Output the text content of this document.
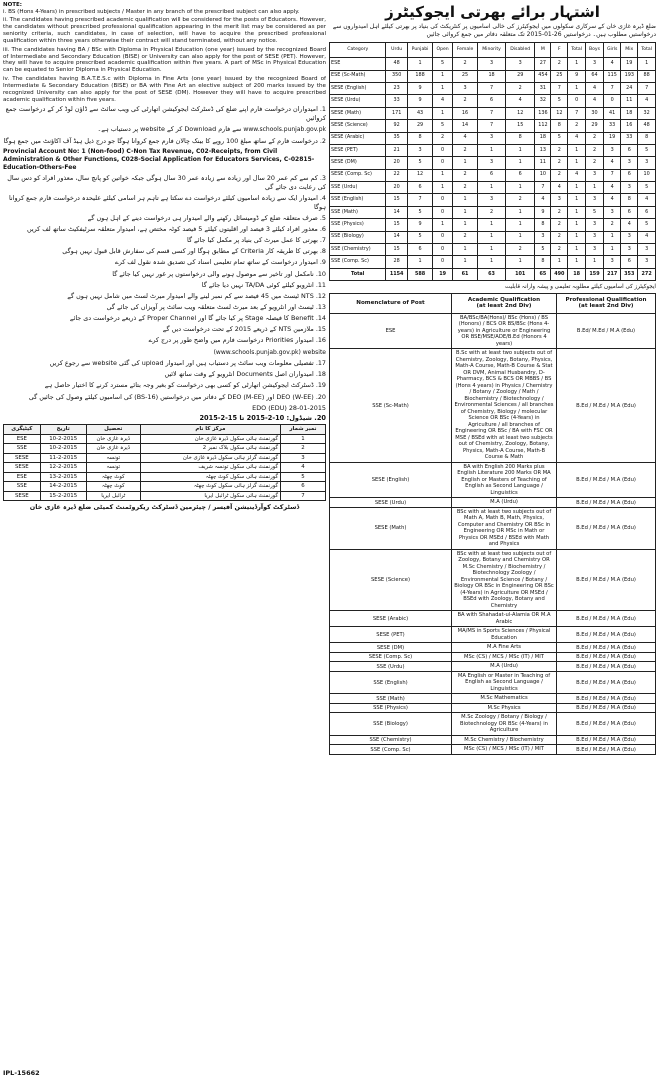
NOTE:

i. BS (Hons 4-Years) in prescribed subjects / Master in any branch of the prescribed subject can also apply.

ii. The candidates having prescribed academic qualification will be considered for the posts of Educators. However, the candidates without prescribed professional qualification appearing in the merit list may be considered as per seniority criteria, such candidates, in case of selection, will have to acquire the prescribed professional qualification within three years otherwise their contract will stand terminated, without any notice.

iii. The candidates having BA / BSc with Diploma in Physical Education (one year) issued by the recognized Board of Intermediate and Secondary Education (BISE) or University can also apply for the post of SESE (PET). However, they will have to acquire prescribed academic qualification within five years. A part of MSc in Physical Education can be equated to Senior Diploma in Physical Education.

iv. The candidates having B.A.T.E.S.c with Diploma in Fine Arts (one year) issued by the recognized Board of Intermediate & Secondary Education (BISE) or BA with Fine Art an elective subject of 200 marks issued by the recognized University can also apply for the post of SESE (DM). However they will have to acquire prescribed academic qualification within five years.

1. امیدواران درخواست فارم اپنے ضلع کی ڈسٹرکٹ ایجوکیشن اتھارٹی کی ویب سائٹ سے ڈاؤن لوڈ کر کے درخواست جمع کروائیں

www.schools.punjab.gov.pk سے فارم Download کر کے website پر دستیاب ہے۔

2. درخواست فارم کے ساتھ مبلغ 100 روپے کا بینک چالان فارم جمع کروانا ہوگا جو درج ذیل ہیڈ آف اکاؤنٹ میں جمع ہوگا

Provincial Account No: 1 (Non-food) C-Non Tax Revenue, C02-Receipts, from Civil Administration & Other Functions, C028-Social Application for Educators Services, C-02815-Education-Others-Fee

3. کم سے کم عمر 20 سال اور زیادہ سے زیادہ عمر 30 سال ہوگی جبکہ خواتین کو پانچ سال، معذور افراد کو دس سال کی رعایت دی جائے گی

4. امیدوار ایک سے زیادہ اسامیوں کیلئے درخواست دے سکتا ہے تاہم ہر اسامی کیلئے علیحدہ درخواست فارم جمع کروانا ہوگا

5. صرف متعلقہ ضلع کے ڈومیسائل رکھنے والے امیدوار ہی درخواست دینے کے اہل ہوں گے

6. معذور افراد کیلئے 3 فیصد اور اقلیتوں کیلئے 5 فیصد کوٹہ مختص ہے، امیدوار متعلقہ سرٹیفکیٹ ساتھ لف کریں

7. بھرتی کا عمل میرٹ کی بنیاد پر مکمل کیا جائے گا

8. بھرتی کا طریقہ کار Criteria کے مطابق ہوگا اور کسی قسم کی سفارش قابل قبول نہیں ہوگی

9. امیدوار درخواست کے ساتھ تمام تعلیمی اسناد کی تصدیق شدہ نقول لف کرے

10. نامکمل اور تاخیر سے موصول ہونے والی درخواستوں پر غور نہیں کیا جائے گا

11. انٹرویو کیلئے کوئی TA/DA نہیں دیا جائے گا

12. NTS ٹیسٹ میں 45 فیصد سے کم نمبر لینے والے امیدوار میرٹ لسٹ میں شامل نہیں ہوں گے

13. ٹیسٹ اور انٹرویو کے بعد میرٹ لسٹ متعلقہ ویب سائٹ پر آویزاں کی جائے گی

14. Benefit کا فیصلہ Stage پر کیا جائے گا اور Proper Channel کے ذریعے درخواست دی جائے

15. ملازمین NTS کے ذریعے 2015 کے تحت درخواست دیں گے

16. امیدوار Priorities درخواست فارم میں واضح طور پر درج کرے

(www.schools.punjab.gov.pk) website

17. تفصیلی معلومات ویب سائٹ پر دستیاب ہیں اور امیدوار upload کی گئی website سے رجوع کریں

18. امیدواران اصل Documents انٹرویو کے وقت ساتھ لائیں

19. ڈسٹرکٹ ایجوکیشن اتھارٹی کو کسی بھی درخواست کو بغیر وجہ بتائے مسترد کرنے کا اختیار حاصل ہے

20. DEO (W-EE) اور DEO (M-EE) کے دفاتر میں درخواستیں (BS-16) کی اسامیوں کیلئے وصول کی جائیں گی

EDO (EDU) 28-01-2015

20. شیڈول: 10-2-2015 تا 15-2-2015
نمبر شمار	مرکز کا نام	تحصیل	تاریخ	کیٹیگری
1	گورنمنٹ ہائی سکول ڈیرہ غازی خان	ڈیرہ غازی خان	10-2-2015	ESE
2	گورنمنٹ ہائی سکول بلاک نمبر 2	ڈیرہ غازی خان	10-2-2015	SSE
3	گورنمنٹ گرلز ہائی سکول ڈیرہ غازی خان	تونسہ	11-2-2015	SESE
4	گورنمنٹ ہائی سکول تونسہ شریف	تونسہ	12-2-2015	SESE
5	گورنمنٹ ہائی سکول کوٹ چھٹہ	کوٹ چھٹہ	13-2-2015	ESE
6	گورنمنٹ گرلز ہائی سکول کوٹ چھٹہ	کوٹ چھٹہ	14-2-2015	SSE
7	گورنمنٹ ہائی سکول ٹرائبل ایریا	ٹرائبل ایریا	15-2-2015	SESE
ڈسٹرکٹ کوآرڈینیشن آفیسر / چیئرمین ڈسٹرکٹ ریکروٹمنٹ کمیٹی ضلع ڈیرہ غازی خان
IPL-15662
اشتہار برائے بھرتی ایجوکیٹرز
ضلع ڈیرہ غازی خان کے سرکاری سکولوں میں ایجوکیٹرز کی خالی اسامیوں پر کنٹریکٹ کی بنیاد پر بھرتی کیلئے اہل امیدواروں سے درخواستیں مطلوب ہیں۔ درخواستیں 26-01-2015 تک متعلقہ دفاتر میں جمع کروائی جائیں
Category	Urdu	Punjabi	Open	Female	Minority	Disabled	M	F	Total	Boys	Girls	Mix	Total
ESE	48	1	5	2	3	3	27	2	1	3	4	19	1
ESE (Sc-Math)	350	188	1	25	18	29	454	25	9	64	115	193	88
SESE (English)	23	9	1	3	7	2	31	7	1	4	7	24	7
SESE (Urdu)	33	9	4	2	6	4	32	5	0	4	0	11	4
SESE (Math)	171	43	1	16	7	12	136	12	7	30	41	18	32
SESE (Science)	92	29	5	14	7	15	112	8	2	29	33	16	48
SESE (Arabic)	35	8	2	4	3	8	18	5	4	2	19	33	8
SESE (PET)	21	3	0	2	1	1	13	2	1	2	3	6	5
SESE (DM)	20	5	0	1	3	1	11	2	1	2	4	3	3
SESE (Comp. Sc)	22	12	1	2	6	6	10	2	4	3	7	6	10
SSE (Urdu)	20	6	1	2	1	1	7	4	1	1	4	3	5
SSE (English)	15	7	0	1	3	2	4	3	1	3	4	8	4
SSE (Math)	14	5	0	1	2	1	9	2	1	5	3	6	6
SSE (Physics)	15	9	1	1	1	1	8	2	1	3	2	4	5
SSE (Biology)	14	5	0	2	1	1	3	2	1	3	1	3	4
SSE (Chemistry)	15	6	0	1	1	2	5	2	1	3	1	3	3
SSE (Comp. Sc)	28	1	0	1	1	1	8	1	1	1	3	6	3
Total	1154	588	19	61	63	101	65	490	18	159	217	353	272
ایجوکیٹرز کی اسامیوں کیلئے مطلوبہ تعلیمی و پیشہ وارانہ قابلیت
Nomenclature of Post	Academic Qualification
(at least 2nd Div)	Professional Qualification
(at least 2nd Div)
ESE	BA/BSc/BA(Hons)/ BSc (Hons) / BS (Honors) / BCS OR BS/BSc (Hons 4-years) in Agriculture or Engineering OR BSE/MSE/ADE/B.Ed (Honors 4 years)	B.Ed/ M.Ed / M.A (Edu)
SSE (Sc-Math)	B.Sc with at least two subjects out of Chemistry, Zoology, Botany, Physics, Math-A Course, Math-B Course & Stat OR DVM, Animal Husbandry, D-Pharmacy, BCS & BCS OR MBBS / BS (Hons 4 years) in Physics / Chemistry / Botany / Zoology / Math / Biochemistry / Biotechnology / Environmental Sciences / all branches of Chemistry, Biology / molecular Science OR BSc (4-Years) in Agriculture / all branches of Engineering OR BSc / BA with FSC OR MSE / BSEd with at least two subjects out of Chemistry, Zoology, Botany, Physics, Math-A Course, Math-B Course & Math	B.Ed / M.Ed / M.A (Edu)
SESE (English)	BA with English 200 Marks plus English Literature 200 Marks OR MA English or Masters of Teaching of English as Second Language / Linguistics	B.Ed / M.Ed / M.A (Edu)
SESE (Urdu)	M.A (Urdu)	B.Ed / M.Ed / M.A (Edu)
SESE (Math)	BSc with at least two subjects out of Math A, Math B, Math, Physics, Computer and Chemistry OR BSc in Engineering OR MSc in Math or Physics OR MSEd / BSEd with Math and Physics	B.Ed / M.Ed / M.A (Edu)
SESE (Science)	BSc with at least two subjects out of Zoology, Botany and Chemistry OR M.Sc Chemistry / Biochemistry / Biotechnology Zoology / Environmental Science / Botany / Biology OR BSc in Engineering OR BSc (4-Years) in Agriculture OR MSEd / BSEd with Zoology, Botany and Chemistry	B.Ed / M.Ed / M.A (Edu)
SESE (Arabic)	BA with Shahadat-ul-Alamia OR M.A Arabic	B.Ed / M.Ed / M.A (Edu)
SESE (PET)	MA/MS in Sports Sciences / Physical Education	B.Ed / M.Ed / M.A (Edu)
SESE (DM)	M.A Fine Arts	B.Ed / M.Ed / M.A (Edu)
SESE (Comp. Sc)	MSc (CS) / MCS / MSc (IT) / MIT	B.Ed / M.Ed / M.A (Edu)
SSE (Urdu)	M.A (Urdu)	B.Ed / M.Ed / M.A (Edu)
SSE (English)	MA English or Master in Teaching of English as Second Language / Linguistics	B.Ed / M.Ed / M.A (Edu)
SSE (Math)	M.Sc Mathematics	B.Ed / M.Ed / M.A (Edu)
SSE (Physics)	M.Sc Physics	B.Ed / M.Ed / M.A (Edu)
SSE (Biology)	M.Sc Zoology / Botany / Biology / Biotechnology OR BSc (4-Years) in Agriculture	B.Ed / M.Ed / M.A (Edu)
SSE (Chemistry)	M.Sc Chemistry / Biochemistry	B.Ed / M.Ed / M.A (Edu)
SSE (Comp. Sc)	MSc (CS) / MCS / MSc (IT) / MIT	B.Ed / M.Ed / M.A (Edu)
